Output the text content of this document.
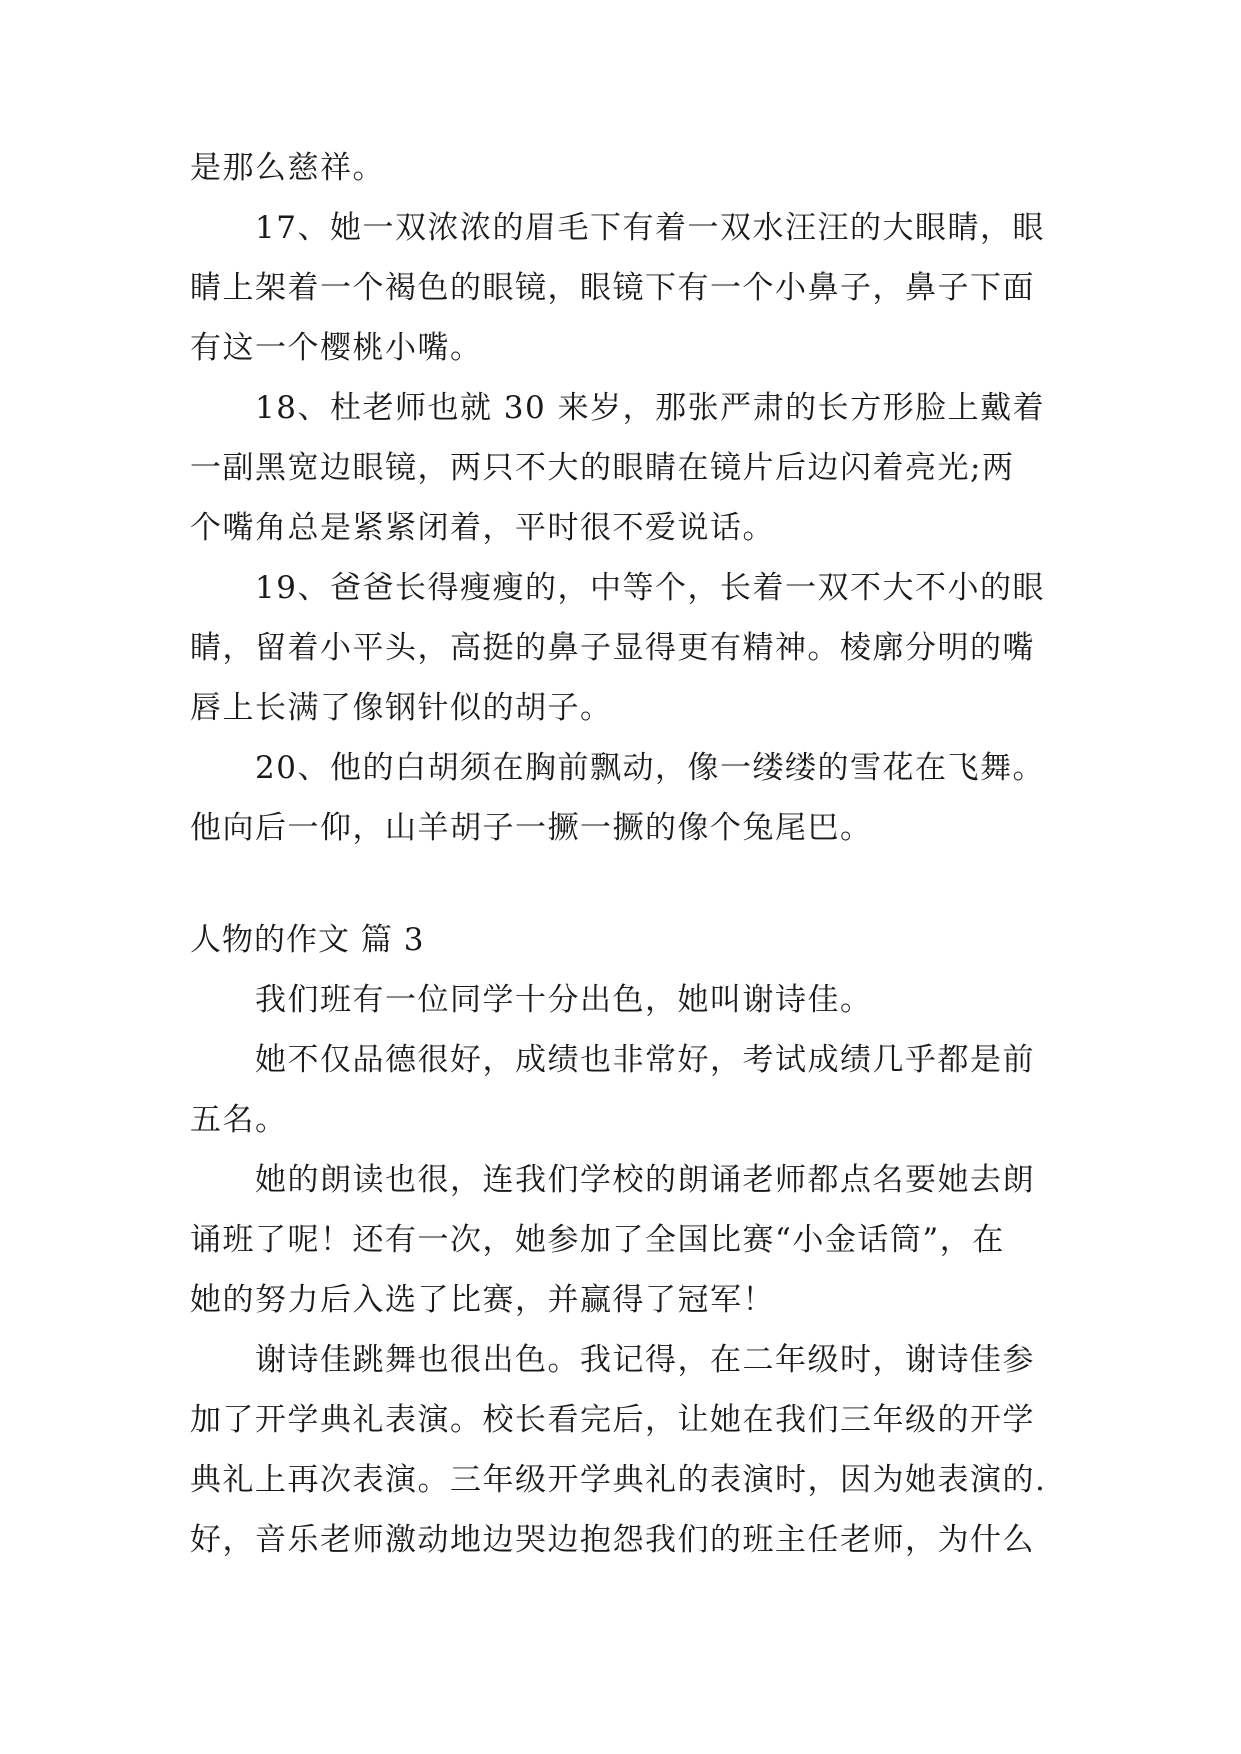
是那么慈祥。
17、她一双浓浓的眉毛下有着一双水汪汪的大眼睛，眼
睛上架着一个褐色的眼镜，眼镜下有一个小鼻子，鼻子下面
有这一个樱桃小嘴。
18、杜老师也就 30 来岁，那张严肃的长方形脸上戴着
一副黑宽边眼镜，两只不大的眼睛在镜片后边闪着亮光;两
个嘴角总是紧紧闭着，平时很不爱说话。
19、爸爸长得瘦瘦的，中等个，长着一双不大不小的眼
睛，留着小平头，高挺的鼻子显得更有精神。棱廓分明的嘴
唇上长满了像钢针似的胡子。
20、他的白胡须在胸前飘动，像一缕缕的雪花在飞舞。
他向后一仰，山羊胡子一撅一撅的像个兔尾巴。
人物的作文 篇 3
我们班有一位同学十分出色，她叫谢诗佳。
她不仅品德很好，成绩也非常好，考试成绩几乎都是前
五名。
她的朗读也很，连我们学校的朗诵老师都点名要她去朗
诵班了呢！还有一次，她参加了全国比赛“小金话筒”，在
她的努力后入选了比赛，并赢得了冠军！
谢诗佳跳舞也很出色。我记得，在二年级时，谢诗佳参
加了开学典礼表演。校长看完后，让她在我们三年级的开学
典礼上再次表演。三年级开学典礼的表演时，因为她表演的.
好，音乐老师激动地边哭边抱怨我们的班主任老师，为什么
